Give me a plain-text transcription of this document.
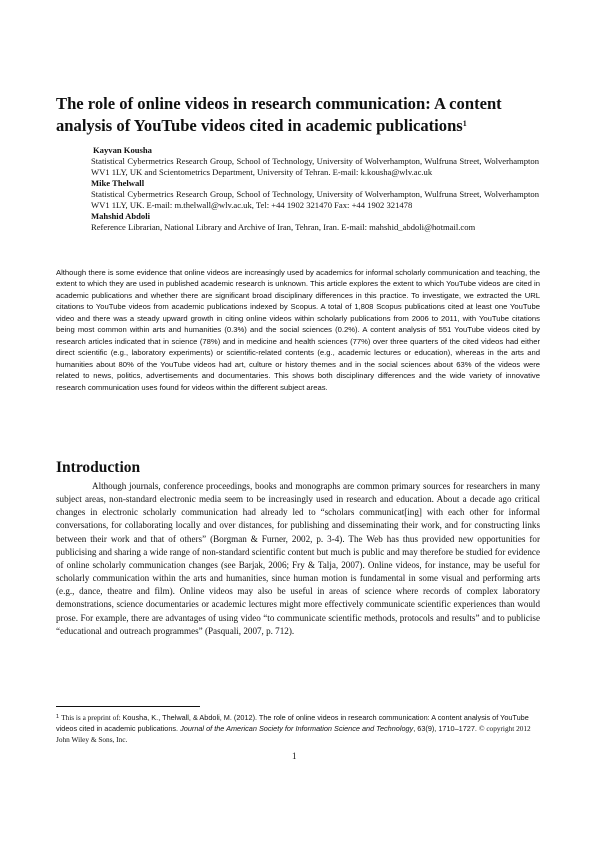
The role of online videos in research communication: A content analysis of YouTube videos cited in academic publications$^1$
Kayvan Kousha
Statistical Cybermetrics Research Group, School of Technology, University of Wolverhampton, Wulfruna Street, Wolverhampton WV1 1LY, UK and Scientometrics Department, University of Tehran. E-mail: k.kousha@wlv.ac.uk
Mike Thelwall
Statistical Cybermetrics Research Group, School of Technology, University of Wolverhampton, Wulfruna Street, Wolverhampton WV1 1LY, UK. E-mail: m.thelwall@wlv.ac.uk, Tel: +44 1902 321470 Fax: +44 1902 321478
Mahshid Abdoli
Reference Librarian, National Library and Archive of Iran, Tehran, Iran. E-mail: mahshid_abdoli@hotmail.com

Although there is some evidence that online videos are increasingly used by academics for informal scholarly communication and teaching, the extent to which they are used in published academic research is unknown. This article explores the extent to which YouTube videos are cited in academic publications and whether there are significant broad disciplinary differences in this practice. To investigate, we extracted the URL citations to YouTube videos from academic publications indexed by Scopus. A total of 1,808 Scopus publications cited at least one YouTube video and there was a steady upward growth in citing online videos within scholarly publications from 2006 to 2011, with YouTube citations being most common within arts and humanities (0.3%) and the social sciences (0.2%). A content analysis of 551 YouTube videos cited by research articles indicated that in science (78%) and in medicine and health sciences (77%) over three quarters of the cited videos had either direct scientific (e.g., laboratory experiments) or scientific-related contents (e.g., academic lectures or education), whereas in the arts and humanities about 80% of the YouTube videos had art, culture or history themes and in the social sciences about 63% of the videos were related to news, politics, advertisements and documentaries. This shows both disciplinary differences and the wide variety of innovative research communication uses found for videos within the different subject areas.

Introduction

Although journals, conference proceedings, books and monographs are common primary sources for researchers in many subject areas, non-standard electronic media seem to be increasingly used in research and education. About a decade ago critical changes in electronic scholarly communication had already led to “scholars communicat[ing] with each other for informal conversations, for collaborating locally and over distances, for publishing and disseminating their work, and for constructing links between their work and that of others” (Borgman & Furner, 2002, p. 3-4). The Web has thus provided new opportunities for publicising and sharing a wide range of non-standard scientific content but much is public and may therefore be studied for evidence of online scholarly communication changes (see Barjak, 2006; Fry & Talja, 2007). Online videos, for instance, may be useful for scholarly communication within the arts and humanities, since human motion is fundamental in some visual and performing arts (e.g., dance, theatre and film). Online videos may also be useful in areas of science where records of complex laboratory demonstrations, science documentaries or academic lectures might more effectively communicate scientific experiences than would prose. For example, there are advantages of using video “to communicate scientific methods, protocols and results” and to publicise “educational and outreach programmes” (Pasquali, 2007, p. 712).

$^1$ This is a preprint of: Kousha, K., Thelwall, & Abdoli, M. (2012). The role of online videos in research communication: A content analysis of YouTube videos cited in academic publications. Journal of the American Society for Information Science and Technology, 63(9), 1710–1727. © copyright 2012 John Wiley & Sons, Inc.

1
